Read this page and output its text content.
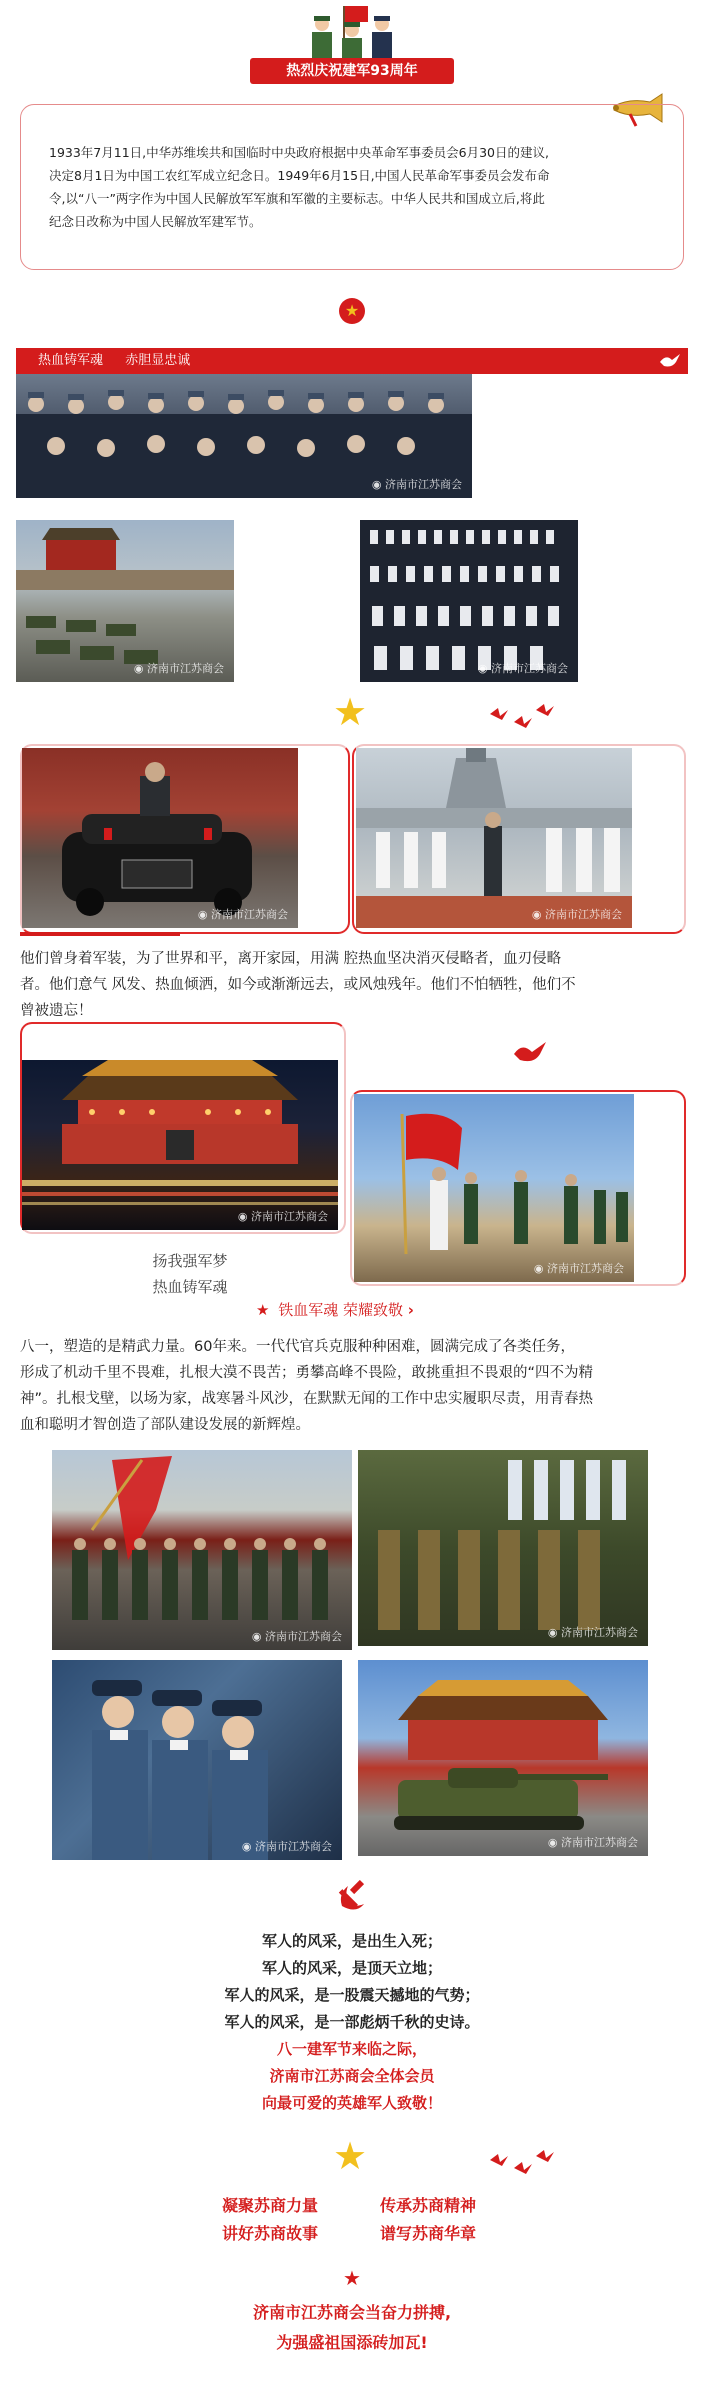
热烈庆祝建军93周年
1933年7月11日,中华苏维埃共和国临时中央政府根据中央革命军事委员会6月30日的建议,
决定8月1日为中国工农红军成立纪念日。1949年6月15日,中国人民革命军事委员会发布命
令,以“八一”两字作为中国人民解放军军旗和军徽的主要标志。中华人民共和国成立后,将此
纪念日改称为中国人民解放军建军节。
★
热血铸军魂 赤胆显忠诚
◉ 济南市江苏商会
◉ 济南市江苏商会	◉ 济南市江苏商会
★
◉ 济南市江苏商会	◉ 济南市江苏商会
他们曾身着军装，为了世界和平，离开家园，用满 腔热血坚决消灭侵略者，血刃侵略
者。他们意气 风发、热血倾洒，如今或渐渐远去，或风烛残年。他们不怕牺牲，他们不
曾被遗忘！
◉ 济南市江苏商会
◉ 济南市江苏商会
扬我强军梦
热血铸军魂
★ 铁血军魂 荣耀致敬 ›
八一，塑造的是精武力量。60年来。一代代官兵克服种种困难，圆满完成了各类任务，
形成了机动千里不畏难，扎根大漠不畏苦；勇攀高峰不畏险，敢挑重担不畏艰的“四不为精
神”。扎根戈壁，以场为家，战寒暑斗风沙，在默默无闻的工作中忠实履职尽责，用青春热
血和聪明才智创造了部队建设发展的新辉煌。
◉ 济南市江苏商会	◉ 济南市江苏商会
◉ 济南市江苏商会	◉ 济南市江苏商会
军人的风采，是出生入死；
军人的风采，是顶天立地；
军人的风采，是一股震天撼地的气势；
军人的风采，是一部彪炳千秋的史诗。
八一建军节来临之际，
济南市江苏商会全体会员
向最可爱的英雄军人致敬！
★
凝聚苏商力量
讲好苏商故事
传承苏商精神
谱写苏商华章
★
济南市江苏商会当奋力拼搏,
为强盛祖国添砖加瓦!
